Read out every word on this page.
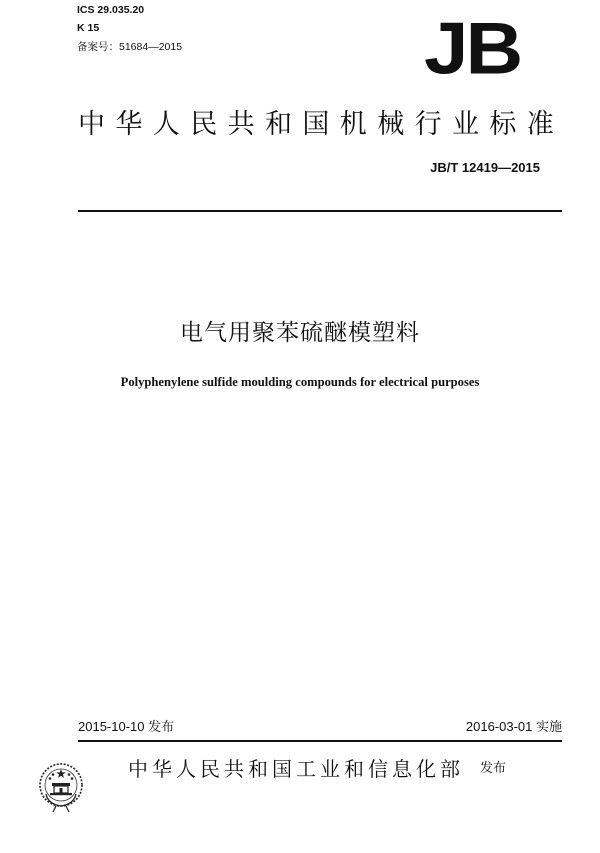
ICS 29.035.20
K 15
备案号：51684—2015	JB
中华人民共和国机械行业标准
JB/T 12419—2015
电气用聚苯硫醚模塑料
Polyphenylene sulfide moulding compounds for electrical purposes
2015-10-10 发布	2016-03-01 实施
中华人民共和国工业和信息化部 发布
